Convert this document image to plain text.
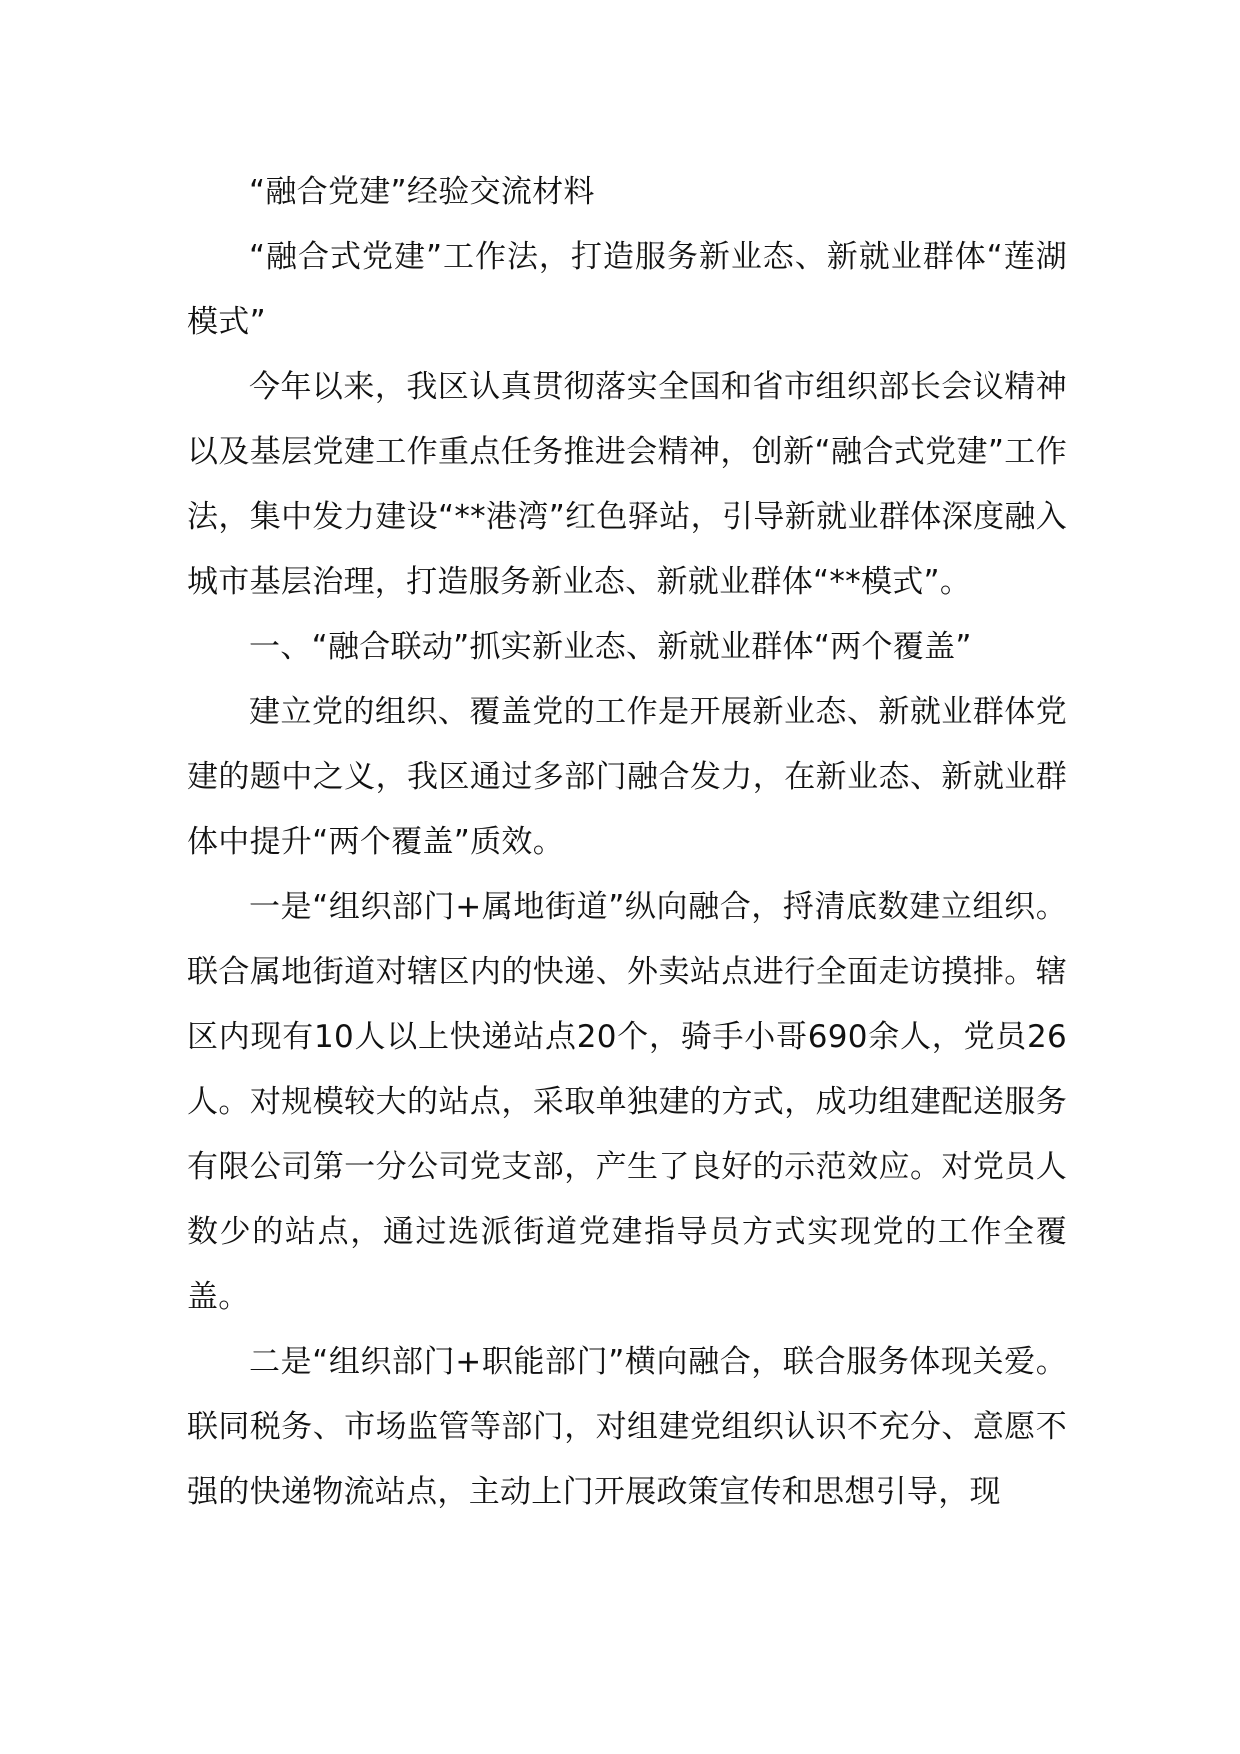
“融合党建”经验交流材料

“融合式党建”工作法，打造服务新业态、新就业群体“莲湖模式”

今年以来，我区认真贯彻落实全国和省市组织部长会议精神以及基层党建工作重点任务推进会精神，创新“融合式党建”工作法，集中发力建设“**港湾”红色驿站，引导新就业群体深度融入城市基层治理，打造服务新业态、新就业群体“**模式”。

一、“融合联动”抓实新业态、新就业群体“两个覆盖”

建立党的组织、覆盖党的工作是开展新业态、新就业群体党建的题中之义，我区通过多部门融合发力，在新业态、新就业群体中提升“两个覆盖”质效。

一是“组织部门+属地街道”纵向融合，捋清底数建立组织。联合属地街道对辖区内的快递、外卖站点进行全面走访摸排。辖区内现有10人以上快递站点20个，骑手小哥690余人，党员26人。对规模较大的站点，采取单独建的方式，成功组建配送服务有限公司第一分公司党支部，产生了良好的示范效应。对党员人数少的站点，通过选派街道党建指导员方式实现党的工作全覆盖。

二是“组织部门+职能部门”横向融合，联合服务体现关爱。联同税务、市场监管等部门，对组建党组织认识不充分、意愿不强的快递物流站点，主动上门开展政策宣传和思想引导，现
